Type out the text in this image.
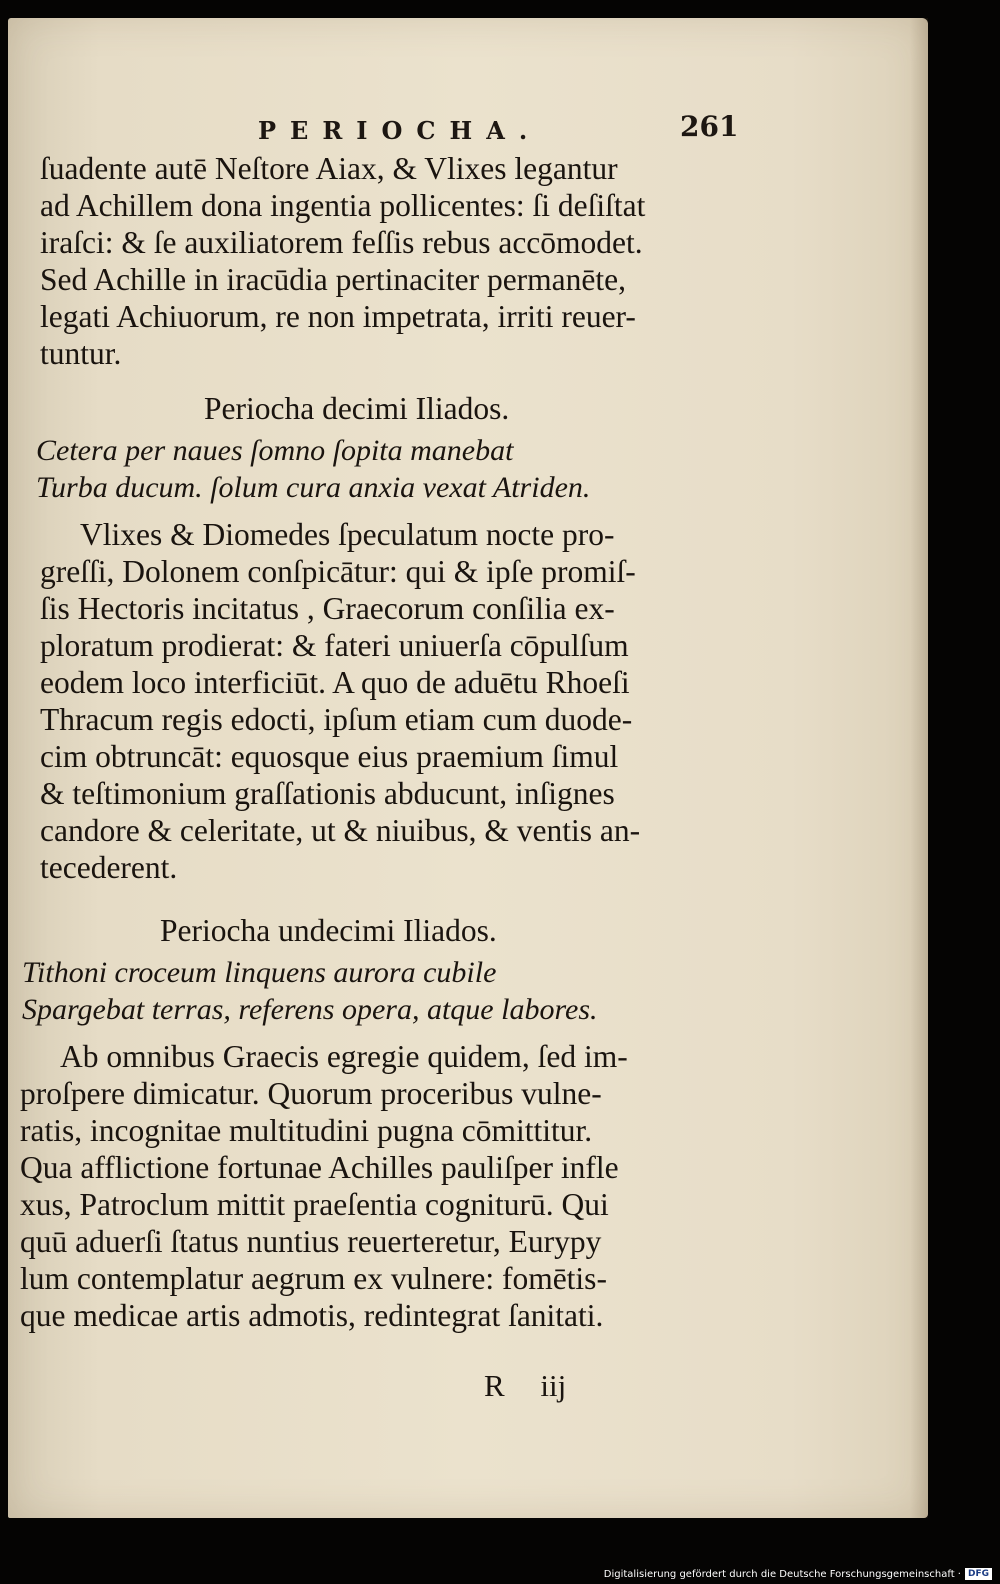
PERIOCHA.	261
ſuadente autē Neſtore Aiax, & Vlixes legantur
ad Achillem dona ingentia pollicentes: ſi deſiſtat
iraſci: & ſe auxiliatorem feſſis rebus accōmodet.
Sed Achille in iracūdia pertinaciter permanēte,
legati Achiuorum, re non impetrata, irriti reuer-
tuntur.
Periocha decimi Iliados.
Cetera per naues ſomno ſopita manebat
Turba ducum. ſolum cura anxia vexat Atriden.
Vlixes & Diomedes ſpeculatum nocte pro-
greſſi, Dolonem conſpicātur: qui & ipſe promiſ-
ſis Hectoris incitatus , Graecorum conſilia ex-
ploratum prodierat: & fateri uniuerſa cōpulſum
eodem loco interficiūt. A quo de aduētu Rhoeſi
Thracum regis edocti, ipſum etiam cum duode-
cim obtruncāt: equosque eius praemium ſimul
& teſtimonium graſſationis abducunt, inſignes
candore & celeritate, ut & niuibus, & ventis an-
tecederent.
Periocha undecimi Iliados.
Tithoni croceum linquens aurora cubile
Spargebat terras, referens opera, atque labores.
Ab omnibus Graecis egregie quidem, ſed im-
proſpere dimicatur. Quorum proceribus vulne-
ratis, incognitae multitudini pugna cōmittitur.
Qua afflictione fortunae Achilles pauliſper infle
xus, Patroclum mittit praeſentia cogniturū. Qui
quū aduerſi ſtatus nuntius reuerteretur, Eurypy
lum contemplatur aegrum ex vulnere: fomētis-
que medicae artis admotis, redintegrat ſanitati.
R iij
Digitalisierung gefördert durch die Deutsche Forschungsgemeinschaft · DFG
